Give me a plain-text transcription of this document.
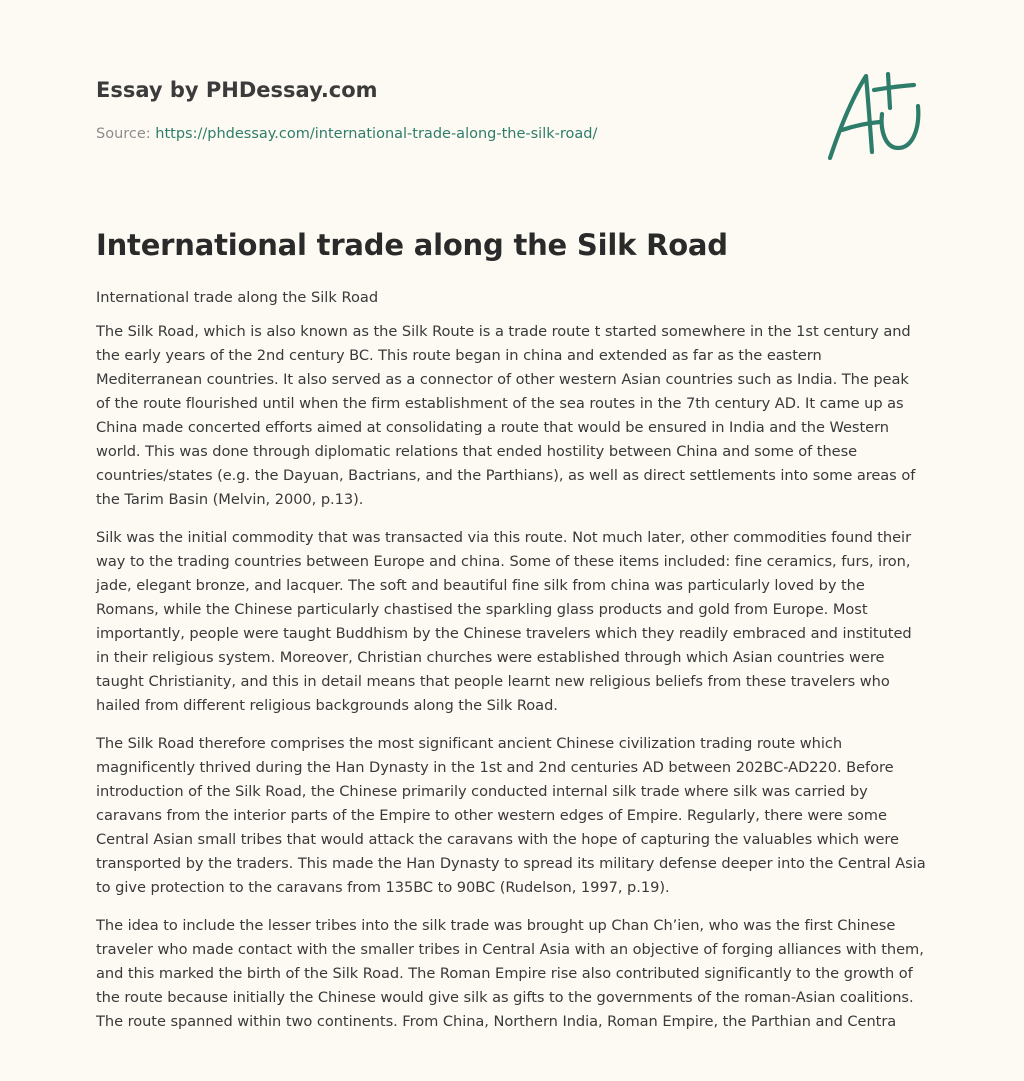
Essay by PHDessay.com
Source: https://phdessay.com/international-trade-along-the-silk-road/
International trade along the Silk Road

International trade along the Silk Road

The Silk Road, which is also known as the Silk Route is a trade route t started somewhere in the 1st century and the early years of the 2nd century BC. This route began in china and extended as far as the eastern Mediterranean countries. It also served as a connector of other western Asian countries such as India. The peak of the route flourished until when the firm establishment of the sea routes in the 7th century AD. It came up as China made concerted efforts aimed at consolidating a route that would be ensured in India and the Western world. This was done through diplomatic relations that ended hostility between China and some of these countries/states (e.g. the Dayuan, Bactrians, and the Parthians), as well as direct settlements into some areas of the Tarim Basin (Melvin, 2000, p.13).

Silk was the initial commodity that was transacted via this route. Not much later, other commodities found their way to the trading countries between Europe and china. Some of these items included: fine ceramics, furs, iron, jade, elegant bronze, and lacquer. The soft and beautiful fine silk from china was particularly loved by the Romans, while the Chinese particularly chastised the sparkling glass products and gold from Europe. Most importantly, people were taught Buddhism by the Chinese travelers which they readily embraced and instituted in their religious system. Moreover, Christian churches were established through which Asian countries were taught Christianity, and this in detail means that people learnt new religious beliefs from these travelers who hailed from different religious backgrounds along the Silk Road.

The Silk Road therefore comprises the most significant ancient Chinese civilization trading route which magnificently thrived during the Han Dynasty in the 1st and 2nd centuries AD between 202BC-AD220. Before introduction of the Silk Road, the Chinese primarily conducted internal silk trade where silk was carried by caravans from the interior parts of the Empire to other western edges of Empire. Regularly, there were some Central Asian small tribes that would attack the caravans with the hope of capturing the valuables which were transported by the traders. This made the Han Dynasty to spread its military defense deeper into the Central Asia to give protection to the caravans from 135BC to 90BC (Rudelson, 1997, p.19).

The idea to include the lesser tribes into the silk trade was brought up Chan Ch’ien, who was the first Chinese traveler who made contact with the smaller tribes in Central Asia with an objective of forging alliances with them, and this marked the birth of the Silk Road. The Roman Empire rise also contributed significantly to the growth of the route because initially the Chinese would give silk as gifts to the governments of the roman-Asian coalitions. The route spanned within two continents. From China, Northern India, Roman Empire, the Parthian and Centra
